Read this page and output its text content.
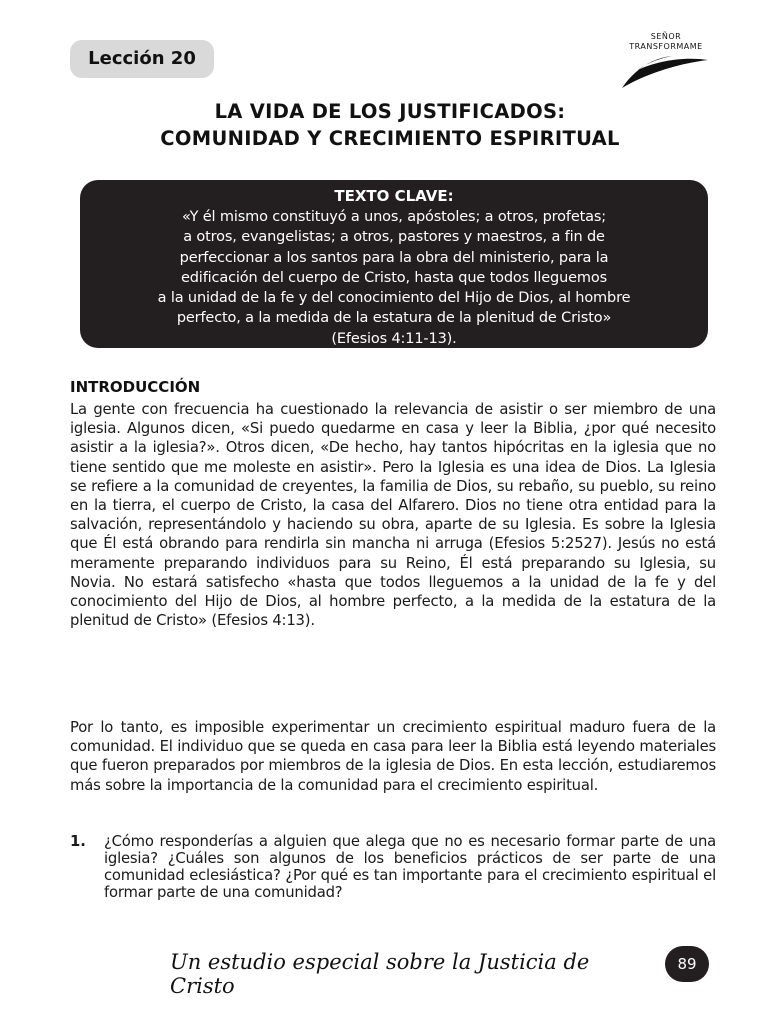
Lección 20
SEÑOR
TRANSFORMAME
LA VIDA DE LOS JUSTIFICADOS:
COMUNIDAD Y CRECIMIENTO ESPIRITUAL
TEXTO CLAVE:
«Y él mismo constituyó a unos, apóstoles; a otros, profetas;
a otros, evangelistas; a otros, pastores y maestros, a fin de
perfeccionar a los santos para la obra del ministerio, para la
edificación del cuerpo de Cristo, hasta que todos lleguemos
a la unidad de la fe y del conocimiento del Hijo de Dios, al hombre
perfecto, a la medida de la estatura de la plenitud de Cristo»
(Efesios 4:11-13).
INTRODUCCIÓN
La gente con frecuencia ha cuestionado la relevancia de asistir o ser miembro de una iglesia. Algunos dicen, «Si puedo quedarme en casa y leer la Biblia, ¿por qué necesito asistir a la iglesia?». Otros dicen, «De hecho, hay tantos hipócritas en la iglesia que no tiene sentido que me moleste en asistir». Pero la Iglesia es una idea de Dios. La Iglesia se refiere a la comunidad de creyentes, la familia de Dios, su rebaño, su pueblo, su reino en la tierra, el cuerpo de Cristo, la casa del Alfarero. Dios no tiene otra entidad para la salvación, representándolo y haciendo su obra, aparte de su Iglesia. Es sobre la Iglesia que Él está obrando para rendirla sin mancha ni arruga (Efesios 5:2527). Jesús no está meramente preparando individuos para su Reino, Él está preparando su Iglesia, su Novia. No estará satisfecho «hasta que todos lleguemos a la unidad de la fe y del conocimiento del Hijo de Dios, al hombre perfecto, a la medida de la estatura de la plenitud de Cristo» (Efesios 4:13).
Por lo tanto, es imposible experimentar un crecimiento espiritual maduro fuera de la comunidad. El individuo que se queda en casa para leer la Biblia está leyendo materiales que fueron preparados por miembros de la iglesia de Dios. En esta lección, estudiaremos más sobre la importancia de la comunidad para el crecimiento espiritual.
1. ¿Cómo responderías a alguien que alega que no es necesario formar parte de una iglesia? ¿Cuáles son algunos de los beneficios prácticos de ser parte de una comunidad eclesiástica? ¿Por qué es tan importante para el crecimiento espiritual el formar parte de una comunidad?
Un estudio especial sobre la Justicia de Cristo
89
